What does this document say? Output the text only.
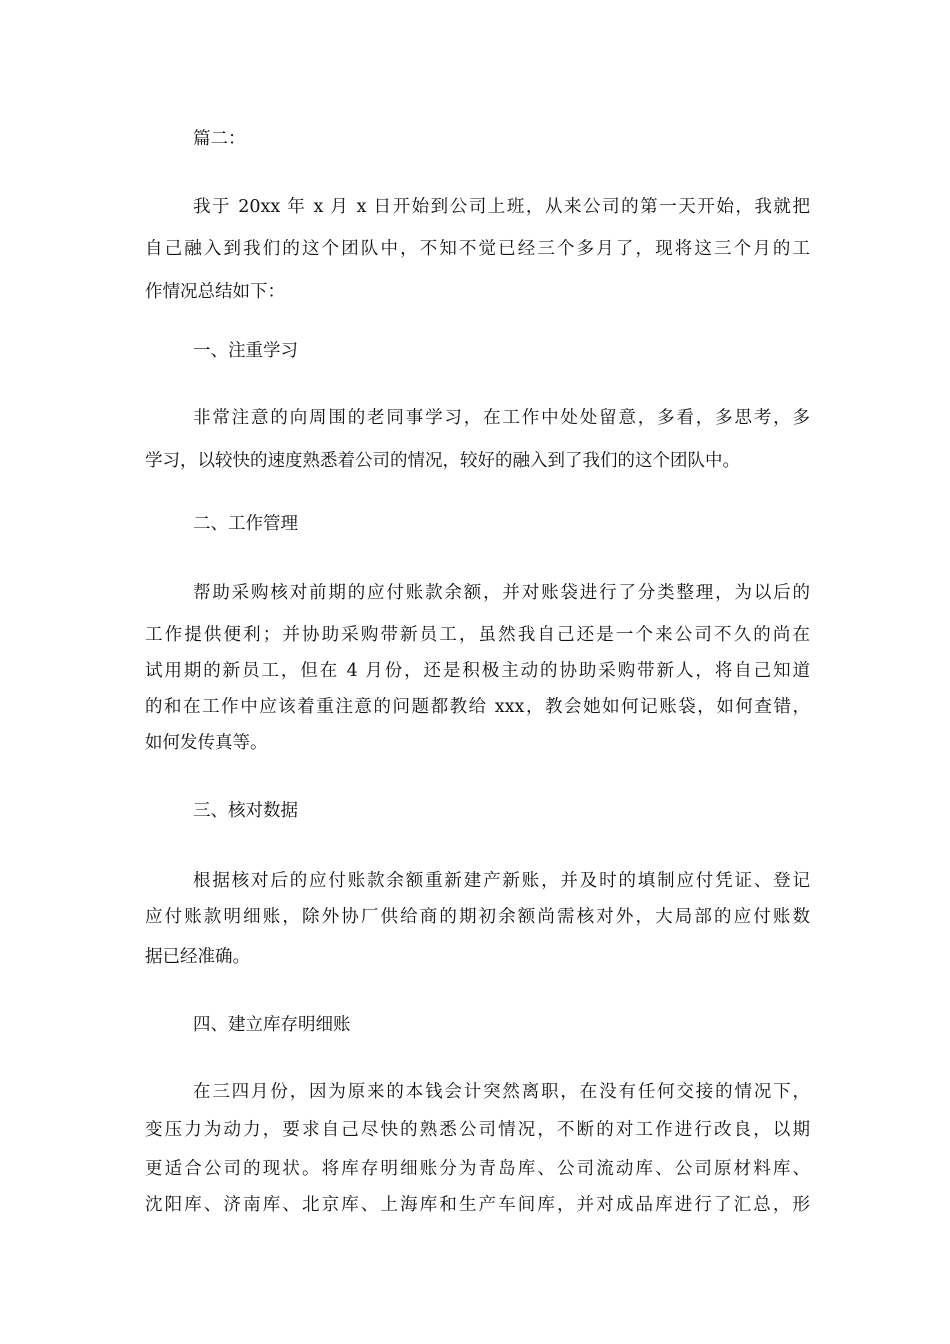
篇二：
我于 20xx 年 x 月 x 日开始到公司上班，从来公司的第一天开始，我就把
自己融入到我们的这个团队中，不知不觉已经三个多月了，现将这三个月的工
作情况总结如下：
一、注重学习
非常注意的向周围的老同事学习，在工作中处处留意，多看，多思考，多
学习，以较快的速度熟悉着公司的情况，较好的融入到了我们的这个团队中。
二、工作管理
帮助采购核对前期的应付账款余额，并对账袋进行了分类整理，为以后的
工作提供便利；并协助采购带新员工，虽然我自己还是一个来公司不久的尚在
试用期的新员工，但在 4 月份，还是积极主动的协助采购带新人，将自己知道
的和在工作中应该着重注意的问题都教给 xxx，教会她如何记账袋，如何查错，
如何发传真等。
三、核对数据
根据核对后的应付账款余额重新建产新账，并及时的填制应付凭证、登记
应付账款明细账，除外协厂供给商的期初余额尚需核对外，大局部的应付账数
据已经准确。
四、建立库存明细账
在三四月份，因为原来的本钱会计突然离职，在没有任何交接的情况下，
变压力为动力，要求自己尽快的熟悉公司情况，不断的对工作进行改良，以期
更适合公司的现状。将库存明细账分为青岛库、公司流动库、公司原材料库、
沈阳库、济南库、北京库、上海库和生产车间库，并对成品库进行了汇总，形
